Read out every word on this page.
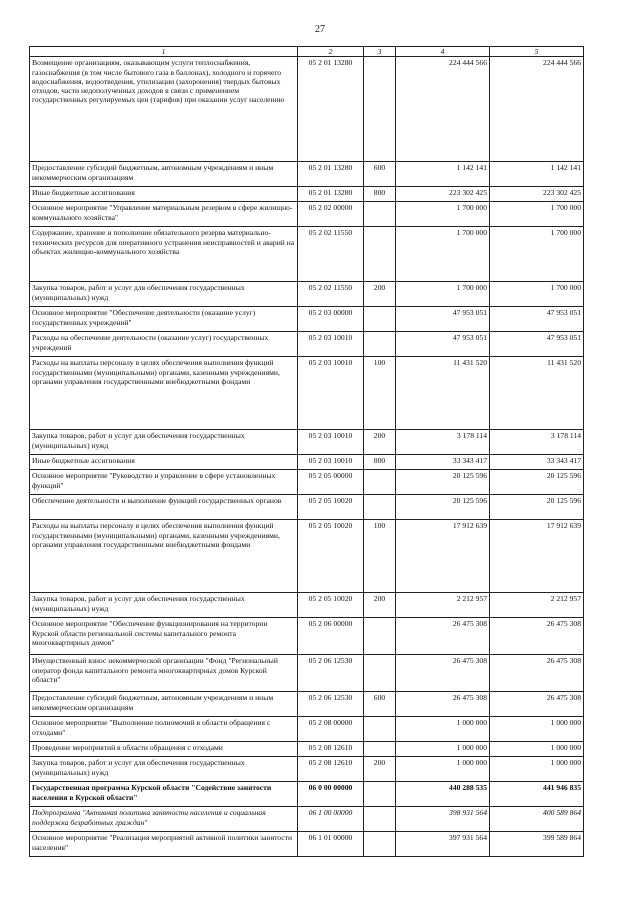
27
1	2	3	4	5
Возмещение организациям, оказывающим услуги теплоснабжения, газоснабжения (в том числе бытового газа в баллонах), холодного и горячего водоснабжения, водоотведения, утилизации (захоронения) твердых бытовых отходов, части недополученных доходов в связи с применением государственных регулируемых цен (тарифов) при оказании услуг населению	05 2 01 13280		224 444 566	224 444 566
Предоставление субсидий бюджетным, автономным учреждениям и иным некоммерческим организациям	05 2 01 13280	600	1 142 141	1 142 141
Иные бюджетные ассигнования	05 2 01 13280	800	223 302 425	223 302 425
Основное мероприятие "Управление материальным резервом в сфере жилищно-коммунального хозяйства"	05 2 02 00000		1 700 000	1 700 000
Содержание, хранение и пополнение обязательного резерва материально-технических ресурсов для оперативного устранения неисправностей и аварий на объектах жилищно-коммунального хозяйства	05 2 02 11550		1 700 000	1 700 000
Закупка товаров, работ и услуг для обеспечения государственных (муниципальных) нужд	05 2 02 11550	200	1 700 000	1 700 000
Основное мероприятие "Обеспечение деятельности (оказание услуг) государственных учреждений"	05 2 03 00000		47 953 051	47 953 051
Расходы на обеспечение деятельности (оказание услуг) государственных учреждений	05 2 03 10010		47 953 051	47 953 051
Расходы на выплаты персоналу в целях обеспечения выполнения функций государственными (муниципальными) органами, казенными учреждениями, органами управления государственными внебюджетными фондами	05 2 03 10010	100	11 431 520	11 431 520
Закупка товаров, работ и услуг для обеспечения государственных (муниципальных) нужд	05 2 03 10010	200	3 178 114	3 178 114
Иные бюджетные ассигнования	05 2 03 10010	800	33 343 417	33 343 417
Основное мероприятие "Руководство и управление в сфере установленных функций"	05 2 05 00000		20 125 596	20 125 596
Обеспечение деятельности и выполнение функций государственных органов	05 2 05 10020		20 125 596	20 125 596
Расходы на выплаты персоналу в целях обеспечения выполнения функций государственными (муниципальными) органами, казенными учреждениями, органами управления государственными внебюджетными фондами	05 2 05 10020	100	17 912 639	17 912 639
Закупка товаров, работ и услуг для обеспечения государственных (муниципальных) нужд	05 2 05 10020	200	2 212 957	2 212 957
Основное мероприятие "Обеспечение функционирования на территории Курской области региональной системы капитального ремонта многоквартирных домов"	05 2 06 00000		26 475 308	26 475 308
Имущественный взнос некоммерческой организации "Фонд "Региональный оператор фонда капитального ремонта многоквартирных домов Курской области"	05 2 06 12530		26 475 308	26 475 308
Предоставление субсидий бюджетным, автономным учреждениям и иным некоммерческим организациям	05 2 06 12530	600	26 475 308	26 475 308
Основное мероприятие "Выполнение полномочий в области обращения с отходами"	05 2 08 00000		1 000 000	1 000 000
Проведение мероприятий в области обращения с отходами	05 2 08 12610		1 000 000	1 000 000
Закупка товаров, работ и услуг для обеспечения государственных (муниципальных) нужд	05 2 08 12610	200	1 000 000	1 000 000
Государственная программа Курской области "Содействие занятости населения в Курской области"	06 0 00 00000		440 288 535	441 946 835
Подпрограмма "Активная политика занятости населения и социальная поддержка безработных граждан"	06 1 00 00000		398 931 564	400 589 864
Основное мероприятие "Реализация мероприятий активной политики занятости населения"	06 1 01 00000		397 931 564	399 589 864
